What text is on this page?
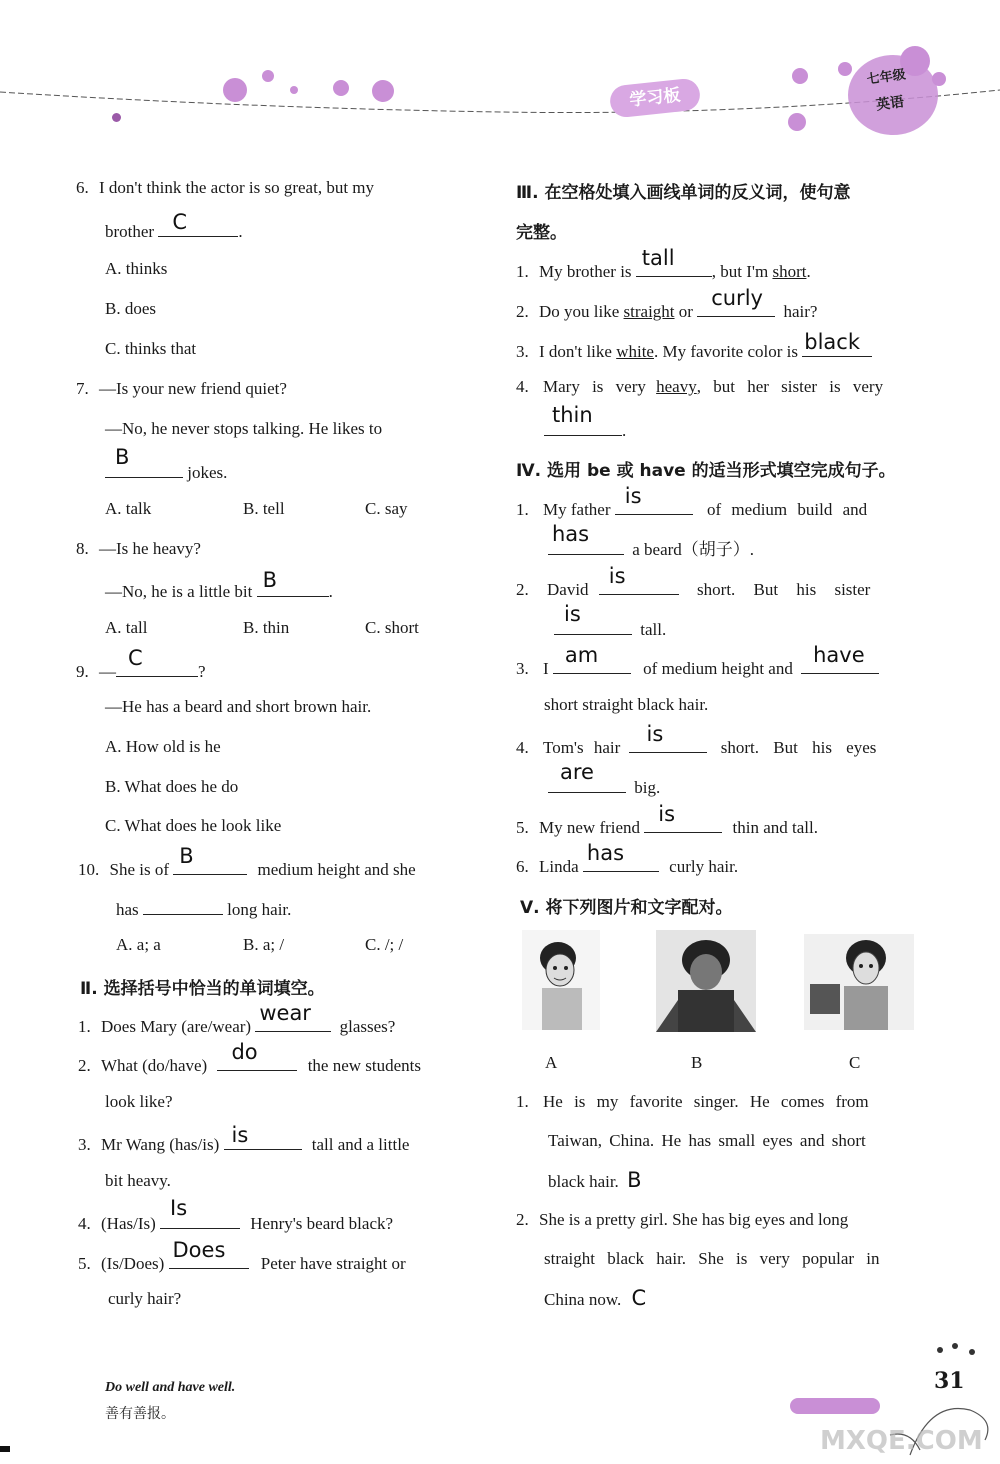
学习板
七年级
英语
6. I don't think the actor is so great, but my
brother C	.
A. thinks
B. does
C. thinks that
7. —Is your new friend quiet?
—No, he never stops talking. He likes to
B
jokes.
A. talk	B. tell	C. say
8. —Is he heavy?
—No, he is a little bit B	.
A. tall	B. thin	C. short
9. —
C
?
—He has a beard and short brown hair.
A. How old is he
B. What does he do
C. What does he look like
10. She is of
B
medium height and she
has	long hair.
A. a; a	B. a; /	C. /; /
Ⅱ. 选择括号中恰当的单词填空。
1. Does Mary (are/wear)
wear
glasses?
2. What (do/have)
do
the new students
look like?
3. Mr Wang (has/is) is	tall and a little
bit heavy.
4. (Has/Is)
Is
Henry's beard black?
5. (Is/Does)
Does
Peter have straight or
curly hair?
Ⅲ. 在空格处填入画线单词的反义词，使句意
完整。
1. My brother is
tall
, but I'm short.
2. Do you like straight or
curly
hair?
3. I don't like white. My favorite color is black
4. Mary is very heavy, but her sister is very
thin
.
Ⅳ. 选用 be 或 have 的适当形式填空完成句子。
1. My father
is
of medium build and
has
a beard（胡子）.
2. David
is
short. But his sister
is
tall.
3. I
am
of medium height and
have
short straight black hair.
4. Tom's hair
is
short. But his eyes
are
big.
5. My new friend
is
thin and tall.
6. Linda
has
curly hair.
Ⅴ. 将下列图片和文字配对。
A	B	C
1. He is my favorite singer. He comes from
Taiwan, China. He has small eyes and short
black hair. B
2. She is a pretty girl. She has big eyes and long
straight black hair. She is very popular in
China now. C
Do well and have well.
善有善报。
31
MXQE.COM
